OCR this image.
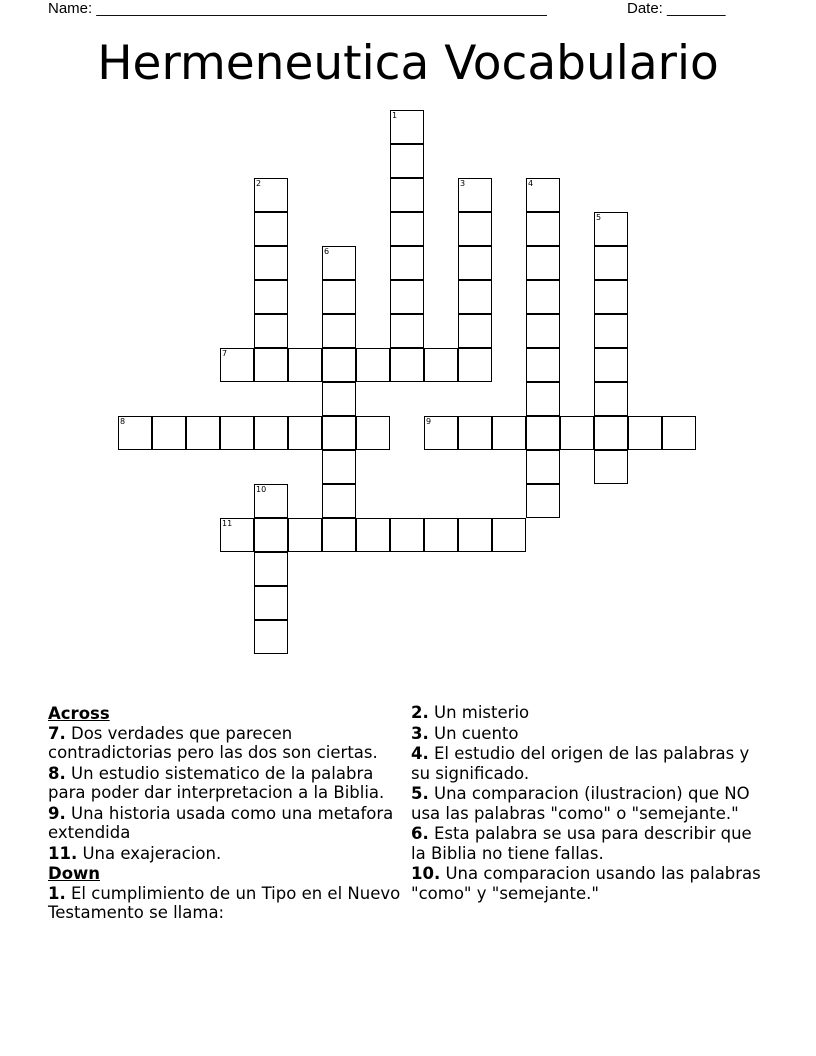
Name: ______________________________________________________	Date: _______
Hermeneutica Vocabulario
1
2	3	4
5
6
7
8	9
10
11
Across
7. Dos verdades que parecen contradictorias pero las dos son ciertas.
8. Un estudio sistematico de la palabra para poder dar interpretacion a la Biblia.
9. Una historia usada como una metafora extendida
11. Una exajeracion.
Down
1. El cumplimiento de un Tipo en el Nuevo Testamento se llama:
2. Un misterio
3. Un cuento
4. El estudio del origen de las palabras y su significado.
5. Una comparacion (ilustracion) que NO usa las palabras "como" o "semejante."
6. Esta palabra se usa para describir que la Biblia no tiene fallas.
10. Una comparacion usando las palabras "como" y "semejante."
